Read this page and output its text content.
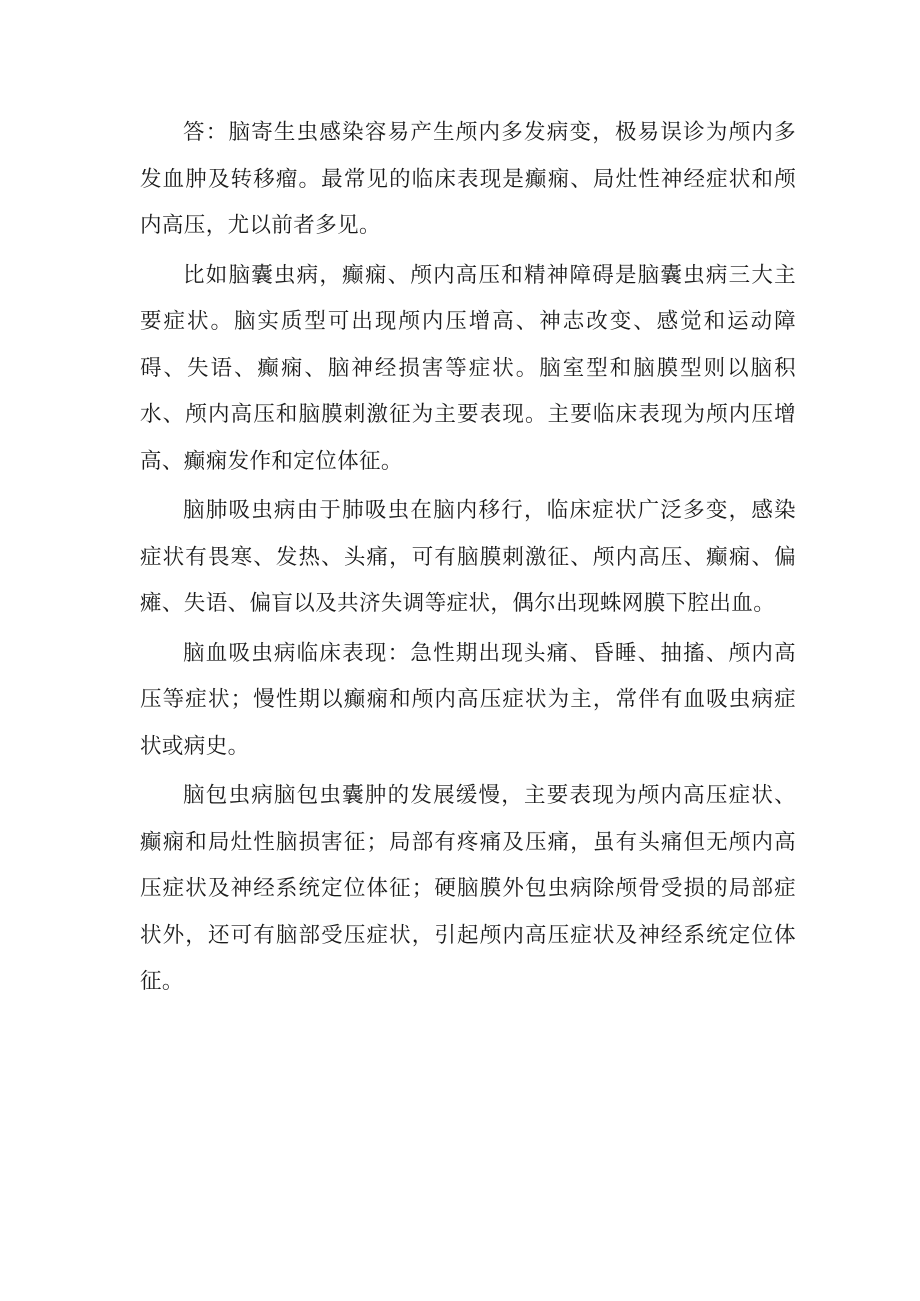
答：脑寄生虫感染容易产生颅内多发病变，极易误诊为颅内多发血肿及转移瘤。最常见的临床表现是癫痫、局灶性神经症状和颅内高压，尤以前者多见。

比如脑囊虫病，癫痫、颅内高压和精神障碍是脑囊虫病三大主要症状。脑实质型可出现颅内压增高、神志改变、感觉和运动障碍、失语、癫痫、脑神经损害等症状。脑室型和脑膜型则以脑积水、颅内高压和脑膜刺激征为主要表现。主要临床表现为颅内压增高、癫痫发作和定位体征。

脑肺吸虫病由于肺吸虫在脑内移行，临床症状广泛多变，感染症状有畏寒、发热、头痛，可有脑膜刺激征、颅内高压、癫痫、偏瘫、失语、偏盲以及共济失调等症状，偶尔出现蛛网膜下腔出血。

脑血吸虫病临床表现：急性期出现头痛、昏睡、抽搐、颅内高压等症状；慢性期以癫痫和颅内高压症状为主，常伴有血吸虫病症状或病史。

脑包虫病脑包虫囊肿的发展缓慢，主要表现为颅内高压症状、癫痫和局灶性脑损害征；局部有疼痛及压痛，虽有头痛但无颅内高压症状及神经系统定位体征；硬脑膜外包虫病除颅骨受损的局部症状外，还可有脑部受压症状，引起颅内高压症状及神经系统定位体征。
